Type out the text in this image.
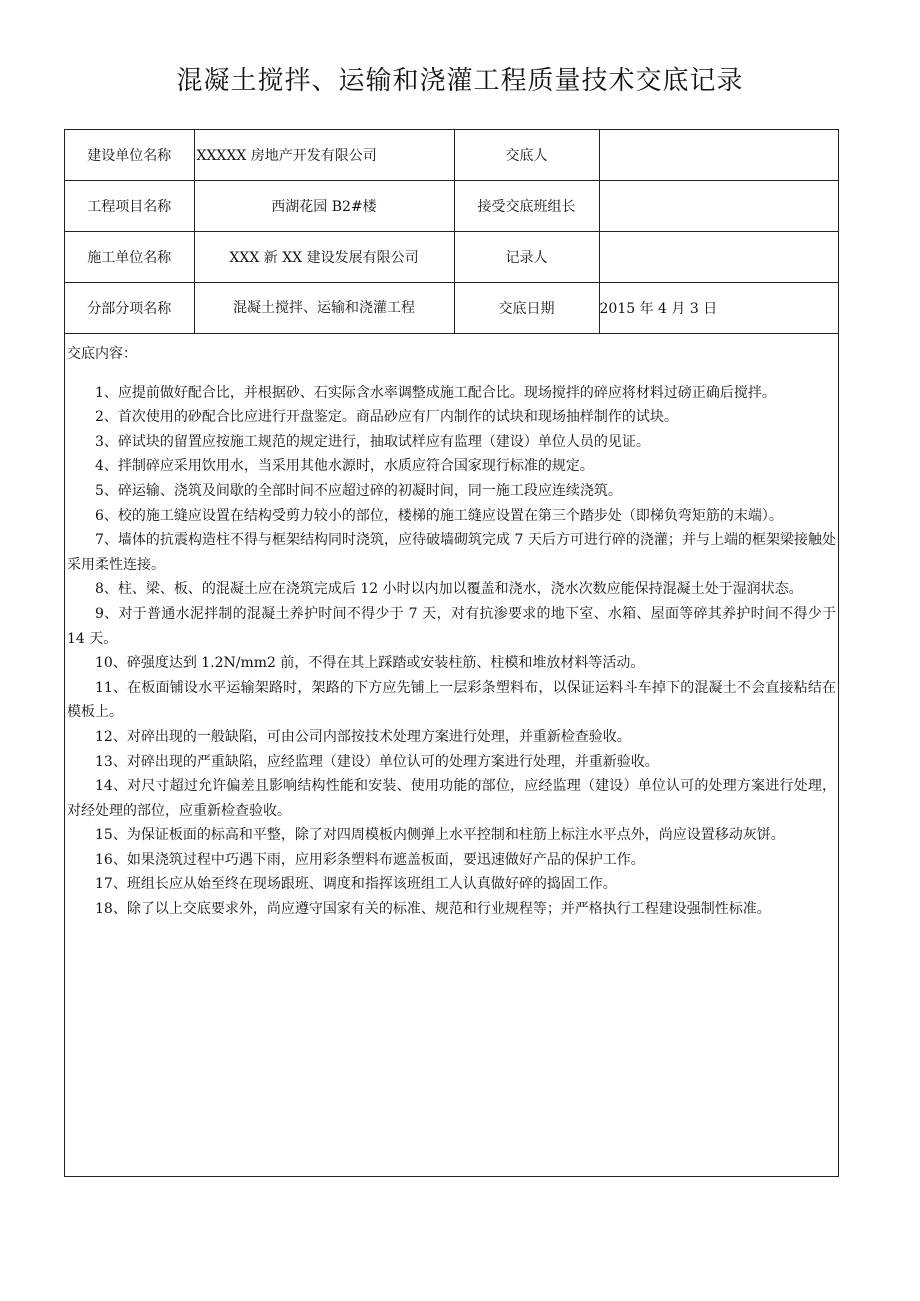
混凝土搅拌、运输和浇灌工程质量技术交底记录
建设单位名称	XXXXX 房地产开发有限公司	交底人	
工程项目名称	西湖花园 B2#楼	接受交底班组长	
施工单位名称	XXX 新 XX 建设发展有限公司	记录人	
分部分项名称	混凝土搅拌、运输和浇灌工程	交底日期	2015 年 4 月 3 日
交底内容：

1、应提前做好配合比，并根据砂、石实际含水率调整成施工配合比。现场搅拌的碎应将材料过磅正确后搅拌。

2、首次使用的砂配合比应进行开盘鉴定。商品砂应有厂内制作的试块和现场抽样制作的试块。

3、碎试块的留置应按施工规范的规定进行，抽取试样应有监理（建设）单位人员的见证。

4、拌制碎应采用饮用水，当采用其他水源时，水质应符合国家现行标准的规定。

5、碎运输、浇筑及间歇的全部时间不应超过碎的初凝时间，同一施工段应连续浇筑。

6、校的施工缝应设置在结构受剪力较小的部位，楼梯的施工缝应设置在第三个踏步处（即梯负弯矩筋的末端）。

7、墙体的抗震构造柱不得与框架结构同时浇筑，应待破墙砌筑完成 7 天后方可进行碎的浇灌；并与上端的框架梁接触处采用柔性连接。

8、柱、梁、板、的混凝土应在浇筑完成后 12 小时以内加以覆盖和浇水，浇水次数应能保持混凝土处于湿润状态。

9、对于普通水泥拌制的混凝土养护时间不得少于 7 天，对有抗渗要求的地下室、水箱、屋面等碎其养护时间不得少于 14 天。

10、碎强度达到 1.2N∕mm2 前，不得在其上踩踏或安装柱筋、柱模和堆放材料等活动。

11、在板面铺设水平运输架路时，架路的下方应先铺上一层彩条塑料布，以保证运料斗车掉下的混凝土不会直接粘结在模板上。

12、对碎出现的一般缺陷，可由公司内部按技术处理方案进行处理，并重新检查验收。

13、对碎出现的严重缺陷，应经监理（建设）单位认可的处理方案进行处理，并重新验收。

14、对尺寸超过允许偏差且影响结构性能和安装、使用功能的部位，应经监理（建设）单位认可的处理方案进行处理，对经处理的部位，应重新检查验收。

15、为保证板面的标高和平整，除了对四周模板内侧弹上水平控制和柱筋上标注水平点外，尚应设置移动灰饼。

16、如果浇筑过程中巧遇下雨，应用彩条塑料布遮盖板面，要迅速做好产品的保护工作。

17、班组长应从始至终在现场跟班、调度和指挥该班组工人认真做好碎的捣固工作。

18、除了以上交底要求外，尚应遵守国家有关的标准、规范和行业规程等；并严格执行工程建设强制性标准。
